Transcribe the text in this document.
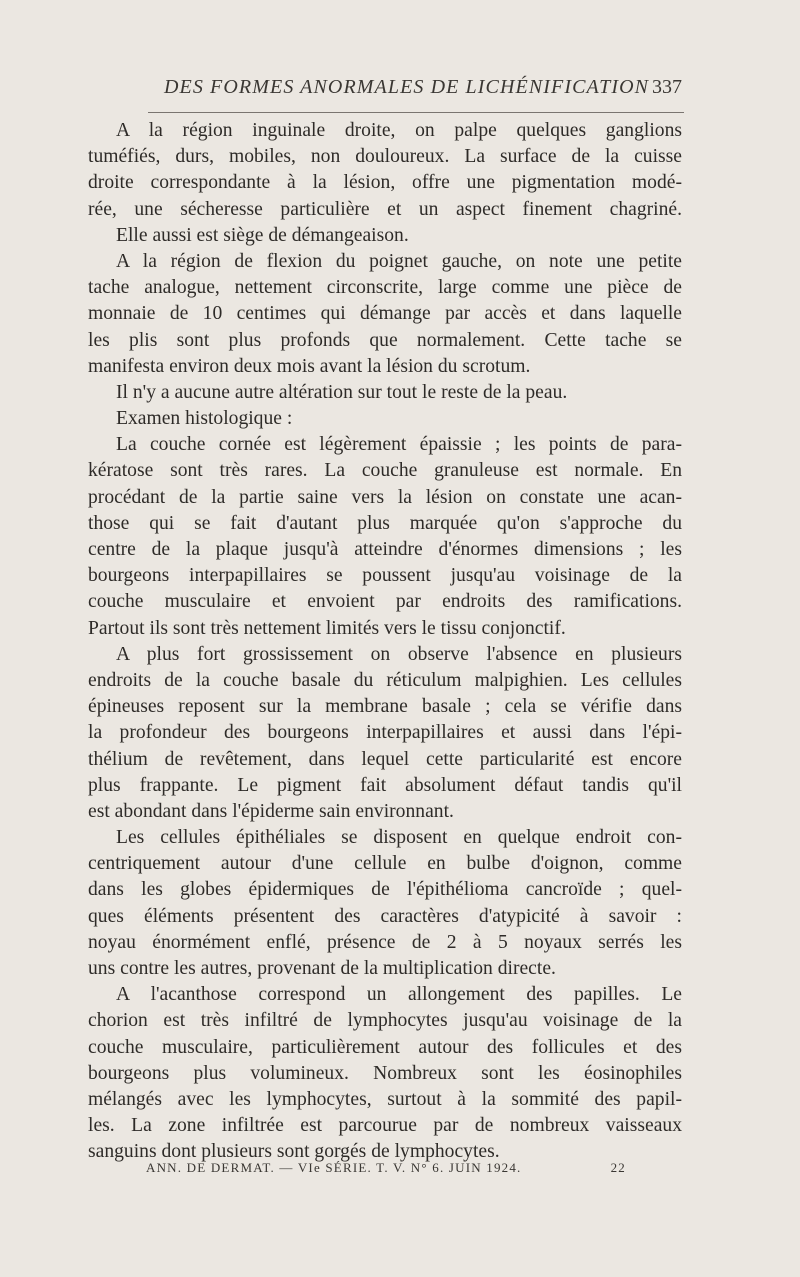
DES FORMES ANORMALES DE LICHÉNIFICATION 337
A la région inguinale droite, on palpe quelques ganglions
tuméfiés, durs, mobiles, non douloureux. La surface de la cuisse
droite correspondante à la lésion, offre une pigmentation modé-
rée, une sécheresse particulière et un aspect finement chagriné.
Elle aussi est siège de démangeaison.
A la région de flexion du poignet gauche, on note une petite
tache analogue, nettement circonscrite, large comme une pièce de
monnaie de 10 centimes qui démange par accès et dans laquelle
les plis sont plus profonds que normalement. Cette tache se
manifesta environ deux mois avant la lésion du scrotum.
Il n'y a aucune autre altération sur tout le reste de la peau.
Examen histologique :
La couche cornée est légèrement épaissie ; les points de para-
kératose sont très rares. La couche granuleuse est normale. En
procédant de la partie saine vers la lésion on constate une acan-
those qui se fait d'autant plus marquée qu'on s'approche du
centre de la plaque jusqu'à atteindre d'énormes dimensions ; les
bourgeons interpapillaires se poussent jusqu'au voisinage de la
couche musculaire et envoient par endroits des ramifications.
Partout ils sont très nettement limités vers le tissu conjonctif.
A plus fort grossissement on observe l'absence en plusieurs
endroits de la couche basale du réticulum malpighien. Les cellules
épineuses reposent sur la membrane basale ; cela se vérifie dans
la profondeur des bourgeons interpapillaires et aussi dans l'épi-
thélium de revêtement, dans lequel cette particularité est encore
plus frappante. Le pigment fait absolument défaut tandis qu'il
est abondant dans l'épiderme sain environnant.
Les cellules épithéliales se disposent en quelque endroit con-
centriquement autour d'une cellule en bulbe d'oignon, comme
dans les globes épidermiques de l'épithélioma cancroïde ; quel-
ques éléments présentent des caractères d'atypicité à savoir :
noyau énormément enflé, présence de 2 à 5 noyaux serrés les
uns contre les autres, provenant de la multiplication directe.
A l'acanthose correspond un allongement des papilles. Le
chorion est très infiltré de lymphocytes jusqu'au voisinage de la
couche musculaire, particulièrement autour des follicules et des
bourgeons plus volumineux. Nombreux sont les éosinophiles
mélangés avec les lymphocytes, surtout à la sommité des papil-
les. La zone infiltrée est parcourue par de nombreux vaisseaux
sanguins dont plusieurs sont gorgés de lymphocytes.
ANN. DE DERMAT. — VIe SÉRIE. T. V. N° 6. JUIN 1924.	22
